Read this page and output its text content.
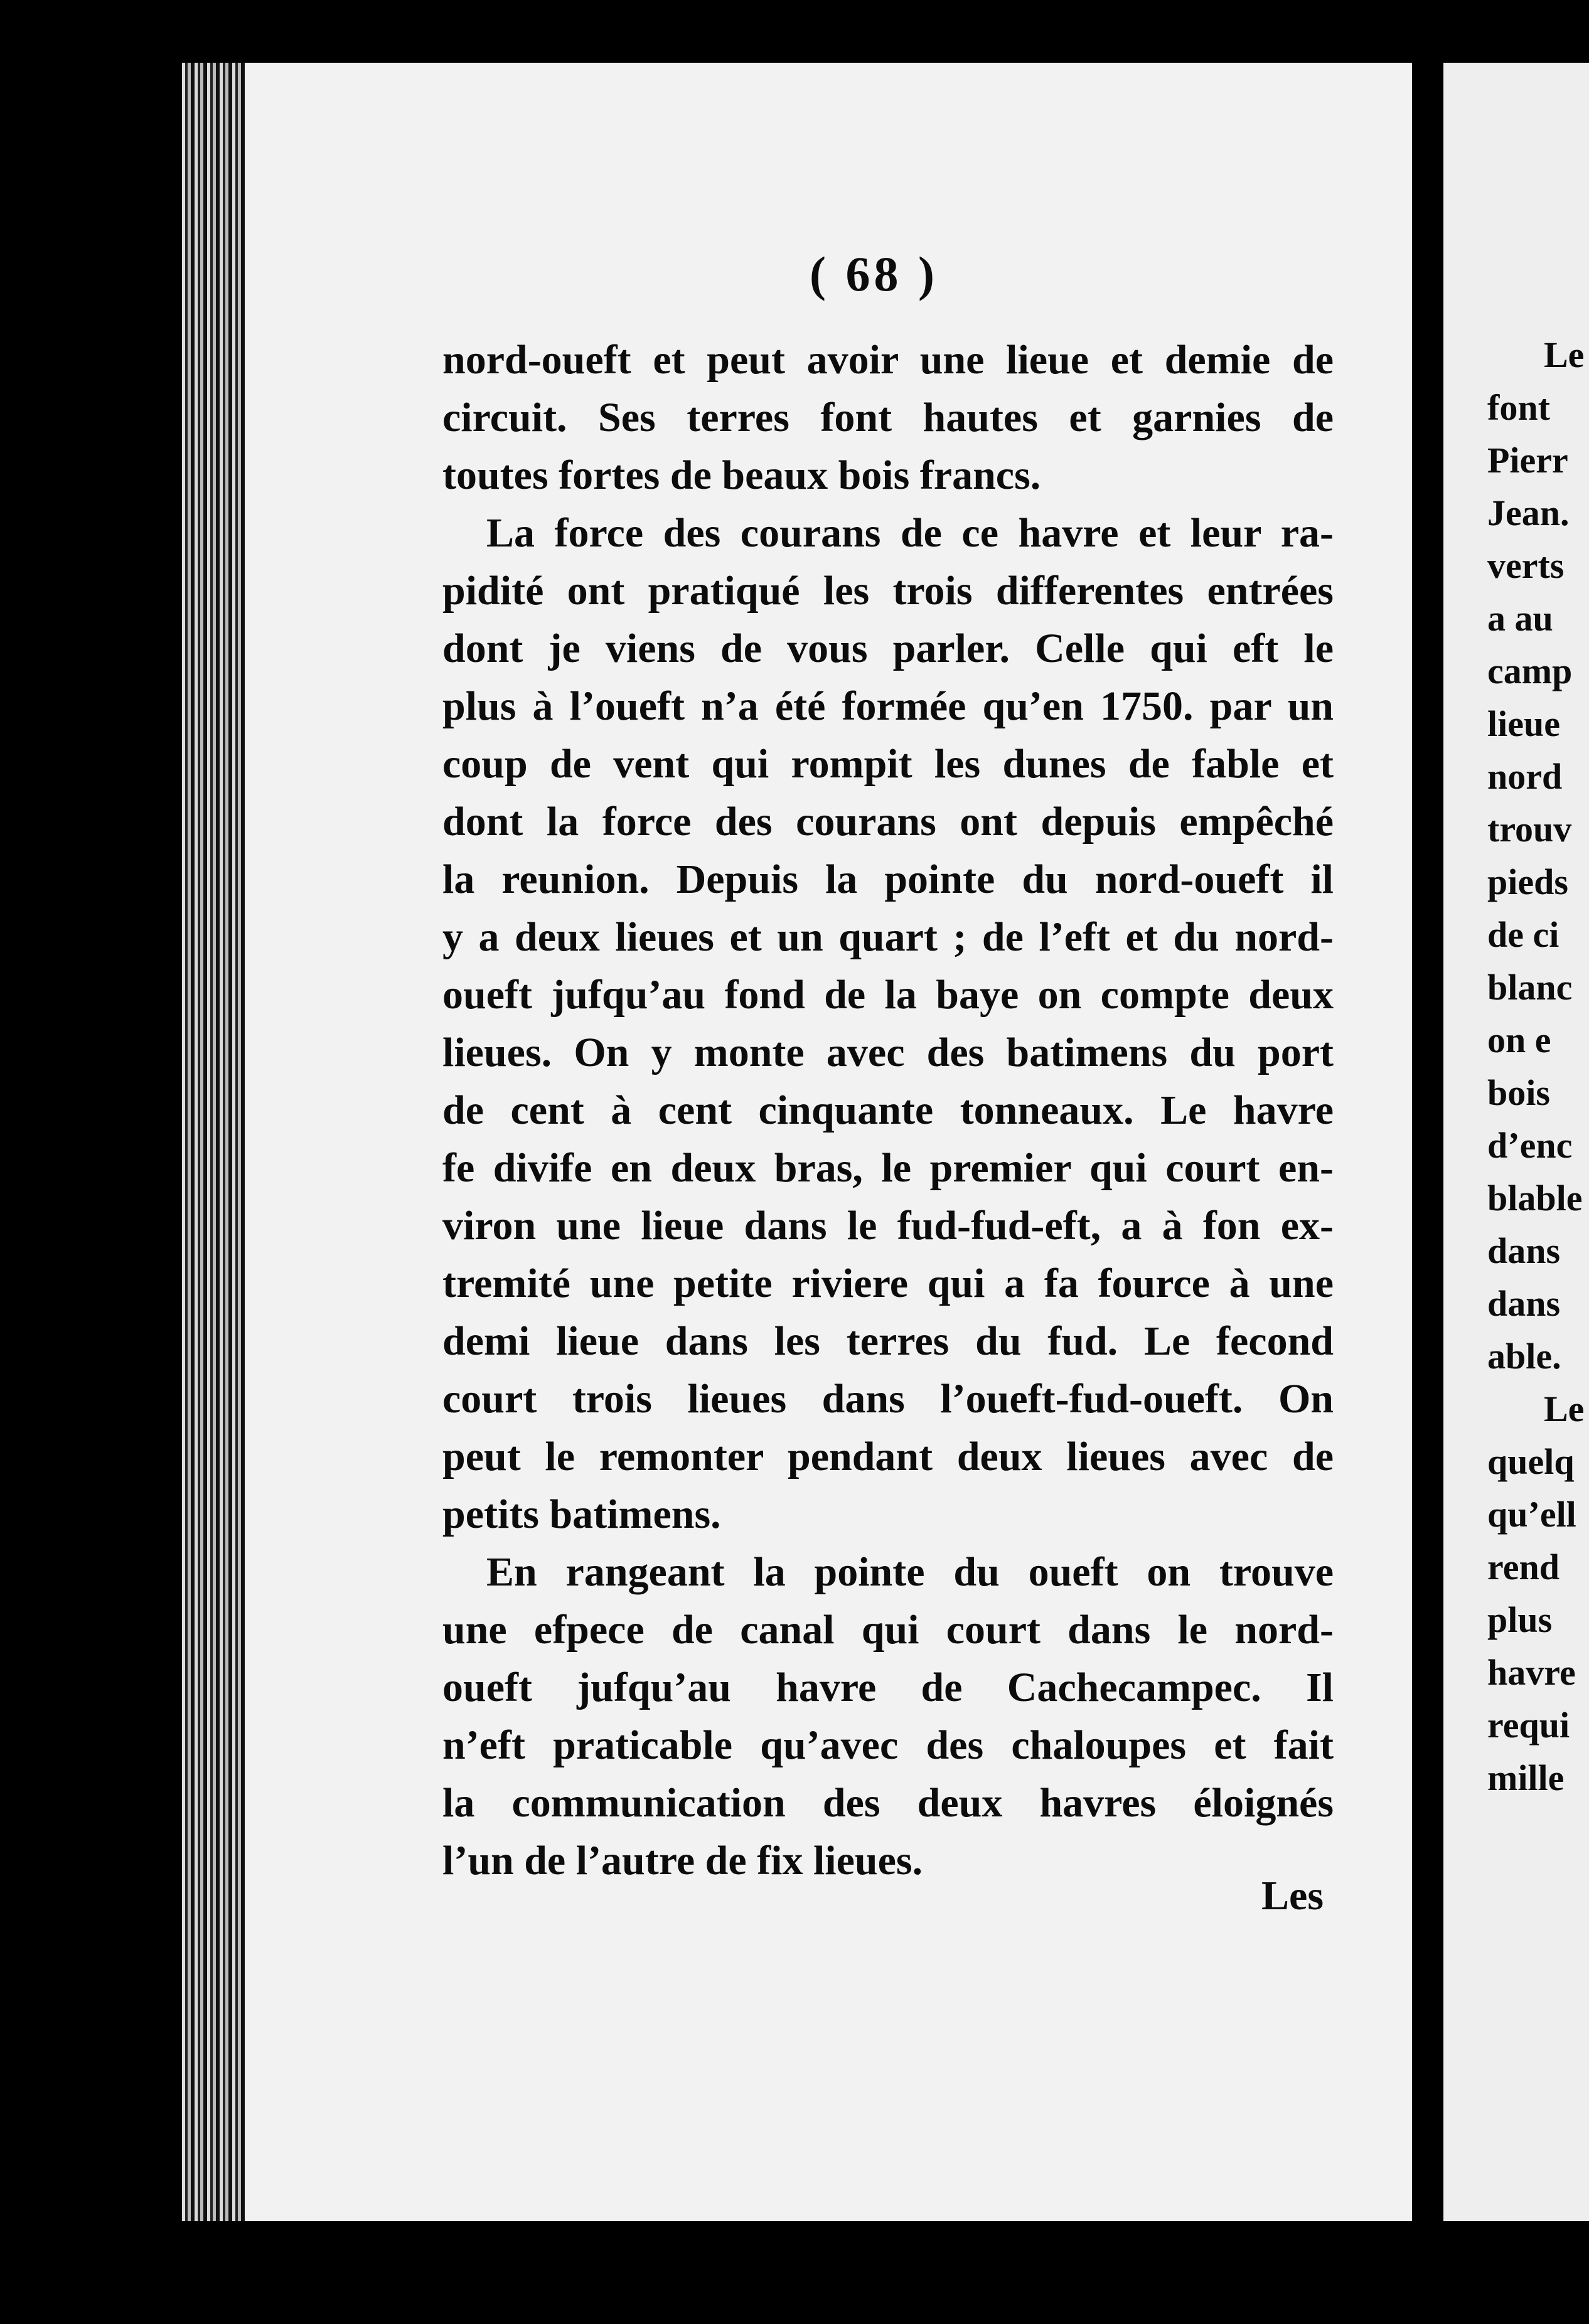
( 68 )
nord-oueft et peut avoir une lieue et demie de
circuit. Ses terres font hautes et garnies de
toutes fortes de beaux bois francs.
La force des courans de ce havre et leur ra-
pidité ont pratiqué les trois differentes entrées
dont je viens de vous parler. Celle qui eft le
plus à l’oueft n’a été formée qu’en 1750. par un
coup de vent qui rompit les dunes de fable et
dont la force des courans ont depuis empêché
la reunion. Depuis la pointe du nord-oueft il
y a deux lieues et un quart ; de l’eft et du nord-
oueft jufqu’au fond de la baye on compte deux
lieues. On y monte avec des batimens du port
de cent à cent cinquante tonneaux. Le havre
fe divife en deux bras, le premier qui court en-
viron une lieue dans le fud-fud-eft, a à fon ex-
tremité une petite riviere qui a fa fource à une
demi lieue dans les terres du fud. Le fecond
court trois lieues dans l’oueft-fud-oueft. On
peut le remonter pendant deux lieues avec de
petits batimens.
En rangeant la pointe du oueft on trouve
une efpece de canal qui court dans le nord-
oueft jufqu’au havre de Cachecampec. Il
n’eft praticable qu’avec des chaloupes et fait
la communication des deux havres éloignés
l’un de l’autre de fix lieues.
Les
Le
font
Pierr
Jean.
verts
a au
camp
lieue
nord
trouv
pieds
de ci
blanc
on e
bois
d’enc
blable
dans
dans
able.
Le
quelq
qu’ell
rend
plus
havre
requi
mille
